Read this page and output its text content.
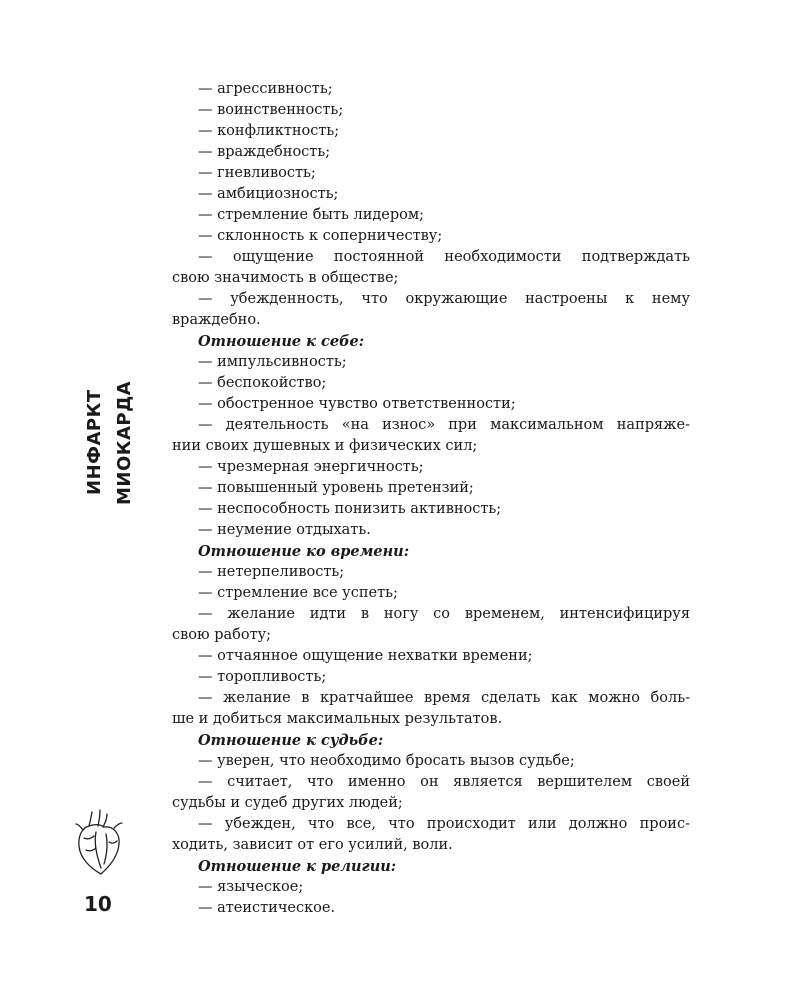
ИНФАРКТ МИОКАРДА
10

— агрессивность;

— воинственность;

— конфликтность;

— враждебность;

— гневливость;

— амбициозность;

— стремление быть лидером;

— склонность к соперничеству;

— ощущение постоянной необходимости подтверждать

свою значимость в обществе;

— убежденность, что окружающие настроены к нему

враждебно.

Отношение к себе:

— импульсивность;

— беспокойство;

— обостренное чувство ответственности;

— деятельность «на износ» при максимальном напряже-

нии своих душевных и физических сил;

— чрезмерная энергичность;

— повышенный уровень претензий;

— неспособность понизить активность;

— неумение отдыхать.

Отношение ко времени:

— нетерпеливость;

— стремление все успеть;

— желание идти в ногу со временем, интенсифицируя

свою работу;

— отчаянное ощущение нехватки времени;

— торопливость;

— желание в кратчайшее время сделать как можно боль-

ше и добиться максимальных результатов.

Отношение к судьбе:

— уверен, что необходимо бросать вызов судьбе;

— считает, что именно он является вершителем своей

судьбы и судеб других людей;

— убежден, что все, что происходит или должно проис-

ходить, зависит от его усилий, воли.

Отношение к религии:

— языческое;

— атеистическое.
